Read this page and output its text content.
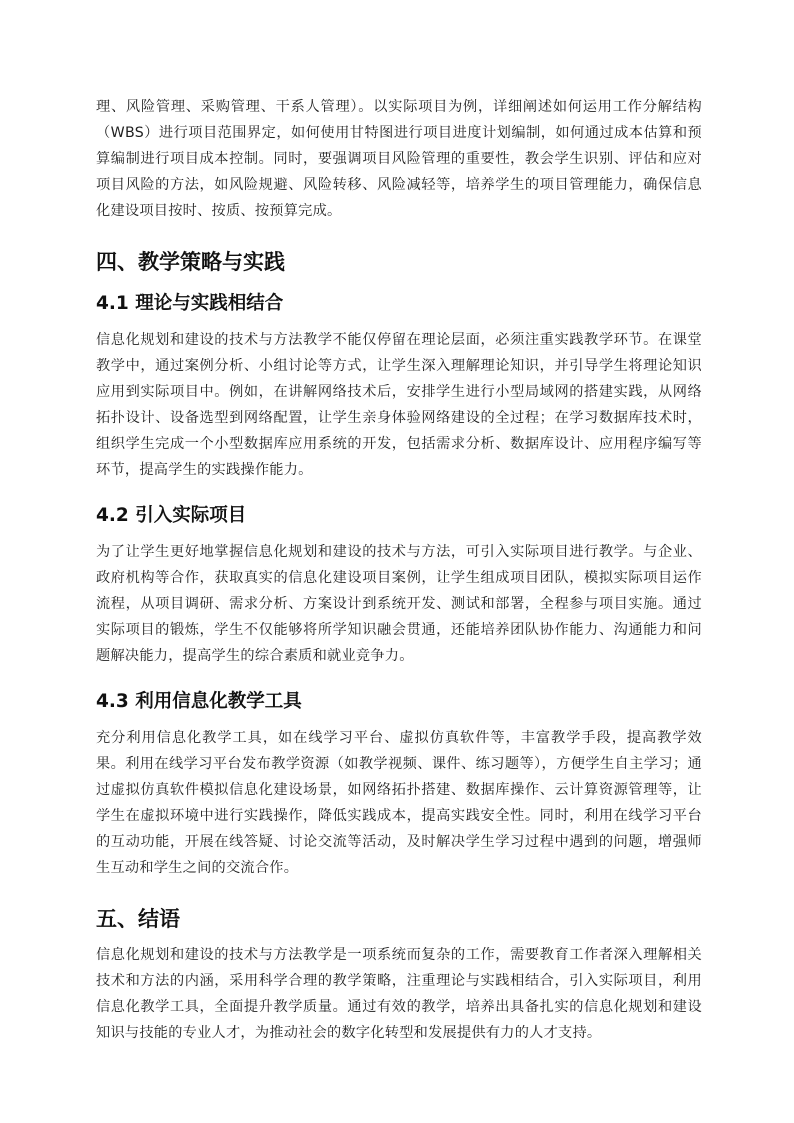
理、风险管理、采购管理、干系人管理）。以实际项目为例，详细阐述如何运用工作分解结构（WBS）进行项目范围界定，如何使用甘特图进行项目进度计划编制，如何通过成本估算和预算编制进行项目成本控制。同时，要强调项目风险管理的重要性，教会学生识别、评估和应对项目风险的方法，如风险规避、风险转移、风险减轻等，培养学生的项目管理能力，确保信息化建设项目按时、按质、按预算完成。

四、教学策略与实践
4.1 理论与实践相结合

信息化规划和建设的技术与方法教学不能仅停留在理论层面，必须注重实践教学环节。在课堂教学中，通过案例分析、小组讨论等方式，让学生深入理解理论知识，并引导学生将理论知识应用到实际项目中。例如，在讲解网络技术后，安排学生进行小型局域网的搭建实践，从网络拓扑设计、设备选型到网络配置，让学生亲身体验网络建设的全过程；在学习数据库技术时，组织学生完成一个小型数据库应用系统的开发，包括需求分析、数据库设计、应用程序编写等环节，提高学生的实践操作能力。

4.2 引入实际项目

为了让学生更好地掌握信息化规划和建设的技术与方法，可引入实际项目进行教学。与企业、政府机构等合作，获取真实的信息化建设项目案例，让学生组成项目团队，模拟实际项目运作流程，从项目调研、需求分析、方案设计到系统开发、测试和部署，全程参与项目实施。通过实际项目的锻炼，学生不仅能够将所学知识融会贯通，还能培养团队协作能力、沟通能力和问题解决能力，提高学生的综合素质和就业竞争力。

4.3 利用信息化教学工具

充分利用信息化教学工具，如在线学习平台、虚拟仿真软件等，丰富教学手段，提高教学效果。利用在线学习平台发布教学资源（如教学视频、课件、练习题等），方便学生自主学习；通过虚拟仿真软件模拟信息化建设场景，如网络拓扑搭建、数据库操作、云计算资源管理等，让学生在虚拟环境中进行实践操作，降低实践成本，提高实践安全性。同时，利用在线学习平台的互动功能，开展在线答疑、讨论交流等活动，及时解决学生学习过程中遇到的问题，增强师生互动和学生之间的交流合作。

五、结语

信息化规划和建设的技术与方法教学是一项系统而复杂的工作，需要教育工作者深入理解相关技术和方法的内涵，采用科学合理的教学策略，注重理论与实践相结合，引入实际项目，利用信息化教学工具，全面提升教学质量。通过有效的教学，培养出具备扎实的信息化规划和建设知识与技能的专业人才，为推动社会的数字化转型和发展提供有力的人才支持。
